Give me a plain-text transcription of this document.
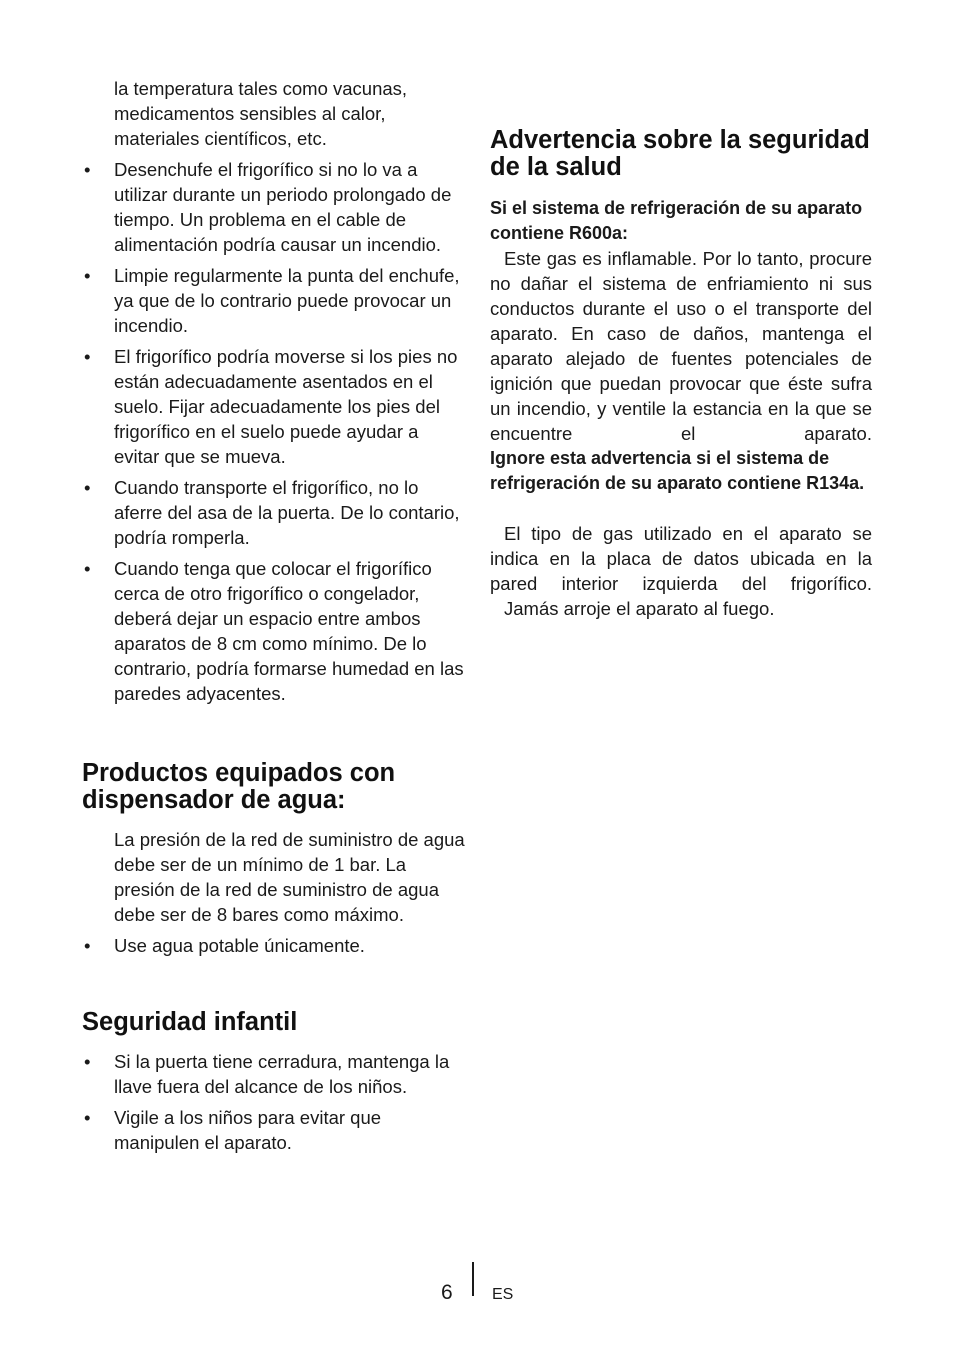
la temperatura tales como vacunas, medicamentos sensibles al calor, materiales científicos, etc.
• Desenchufe el frigorífico si no lo va a utilizar durante un periodo prolongado de tiempo. Un problema en el cable de alimentación podría causar un incendio.
• Limpie regularmente la punta del enchufe, ya que de lo contrario puede provocar un incendio.
• El frigorífico podría moverse si los pies no están adecuadamente asentados en el suelo. Fijar adecuadamente los pies del frigorífico en el suelo puede ayudar a evitar que se mueva.
• Cuando transporte el frigorífico, no lo aferre del asa de la puerta. De lo contario, podría romperla.
• Cuando tenga que colocar el frigorífico cerca de otro frigorífico o congelador, deberá dejar un espacio entre ambos aparatos de 8 cm como mínimo. De lo contrario, podría formarse humedad en las paredes adyacentes.
Productos equipados con dispensador de agua:
La presión de la red de suministro de agua debe ser de un mínimo de 1 bar. La presión de la red de suministro de agua debe ser de 8 bares como máximo.
• Use agua potable únicamente.
Seguridad infantil
• Si la puerta tiene cerradura, mantenga la llave fuera del alcance de los niños.
• Vigile a los niños para evitar que manipulen el aparato.
Advertencia sobre la seguridad de la salud

Si el sistema de refrigeración de su aparato contiene R600a:

Este gas es inflamable. Por lo tanto, procure no dañar el sistema de enfriamiento ni sus conductos durante el uso o el transporte del aparato. En caso de daños, mantenga el aparato alejado de fuentes potenciales de ignición que puedan provocar que éste sufra un incendio, y ventile la estancia en la que se encuentre el aparato.

Ignore esta advertencia si el sistema de refrigeración de su aparato contiene R134a.

El tipo de gas utilizado en el aparato se indica en la placa de datos ubicada en la pared interior izquierda del frigorífico.

Jamás arroje el aparato al fuego.

6 ES
